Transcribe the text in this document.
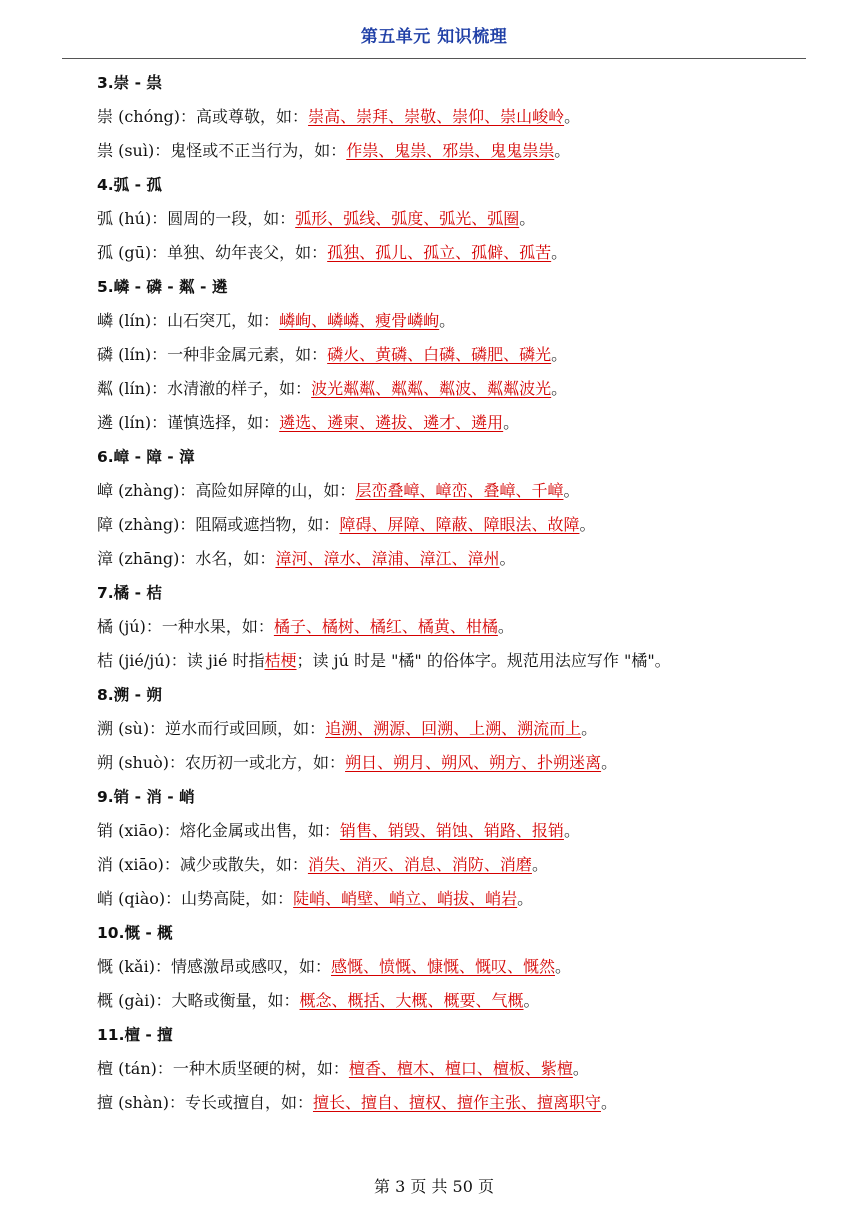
第五单元 知识梳理
3.崇 - 祟
崇 (chóng)：高或尊敬，如：崇高、崇拜、崇敬、崇仰、崇山峻岭。
祟 (suì)：鬼怪或不正当行为，如：作祟、鬼祟、邪祟、鬼鬼祟祟。
4.弧 - 孤
弧 (hú)：圆周的一段，如：弧形、弧线、弧度、弧光、弧圈。
孤 (gū)：单独、幼年丧父，如：孤独、孤儿、孤立、孤僻、孤苦。
5.嶙 - 磷 - 粼 - 遴
嶙 (lín)：山石突兀，如：嶙峋、嶙嶙、瘦骨嶙峋。
磷 (lín)：一种非金属元素，如：磷火、黄磷、白磷、磷肥、磷光。
粼 (lín)：水清澈的样子，如：波光粼粼、粼粼、粼波、粼粼波光。
遴 (lín)：谨慎选择，如：遴选、遴柬、遴拔、遴才、遴用。
6.嶂 - 障 - 漳
嶂 (zhàng)：高险如屏障的山，如：层峦叠嶂、嶂峦、叠嶂、千嶂。
障 (zhàng)：阻隔或遮挡物，如：障碍、屏障、障蔽、障眼法、故障。
漳 (zhāng)：水名，如：漳河、漳水、漳浦、漳江、漳州。
7.橘 - 桔
橘 (jú)：一种水果，如：橘子、橘树、橘红、橘黄、柑橘。
桔 (jié/jú)：读 jié 时指桔梗；读 jú 时是 "橘" 的俗体字。规范用法应写作 "橘"。
8.溯 - 朔
溯 (sù)：逆水而行或回顾，如：追溯、溯源、回溯、上溯、溯流而上。
朔 (shuò)：农历初一或北方，如：朔日、朔月、朔风、朔方、扑朔迷离。
9.销 - 消 - 峭
销 (xiāo)：熔化金属或出售，如：销售、销毁、销蚀、销路、报销。
消 (xiāo)：减少或散失，如：消失、消灭、消息、消防、消磨。
峭 (qiào)：山势高陡，如：陡峭、峭壁、峭立、峭拔、峭岩。
10.慨 - 概
慨 (kǎi)：情感激昂或感叹，如：感慨、愤慨、慷慨、慨叹、慨然。
概 (gài)：大略或衡量，如：概念、概括、大概、概要、气概。
11.檀 - 擅
檀 (tán)：一种木质坚硬的树，如：檀香、檀木、檀口、檀板、紫檀。
擅 (shàn)：专长或擅自，如：擅长、擅自、擅权、擅作主张、擅离职守。
第 3 页 共 50 页
